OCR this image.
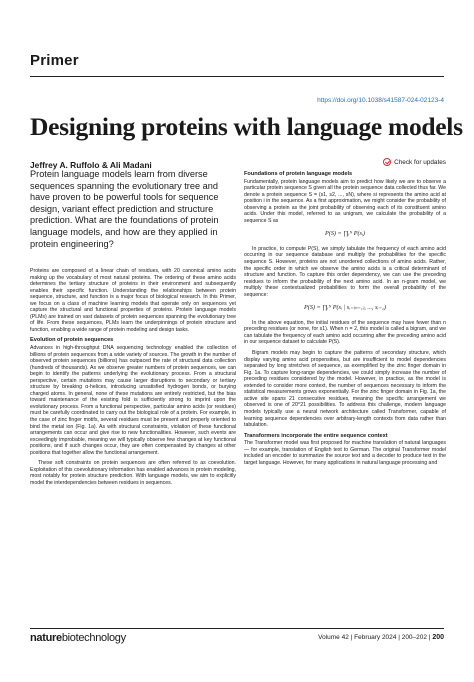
Primer
https://doi.org/10.1038/s41587-024-02123-4
Designing proteins with language models
Jeffrey A. Ruffolo & Ali Madani	Check for updates
Protein language models learn from diverse sequences spanning the evolutionary tree and have proven to be powerful tools for sequence design, variant effect prediction and structure prediction. What are the foundations of protein language models, and how are they applied in protein engineering?

Proteins are composed of a linear chain of residues, with 20 canonical amino acids making up the vocabulary of most natural proteins. The ordering of these amino acids determines the tertiary structure of proteins in their environment and subsequently enables their specific function. Understanding the relationships between protein sequence, structure, and function is a major focus of biological research. In this Primer, we focus on a class of machine learning models that operate only on sequences yet capture the structural and functional properties of proteins. Protein language models (PLMs) are trained on vast datasets of protein sequences spanning the evolutionary tree of life. From these sequences, PLMs learn the underpinnings of protein structure and function, enabling a wide range of protein modeling and design tasks.

Evolution of protein sequences

Advances in high-throughput DNA sequencing technology enabled the collection of billions of protein sequences from a wide variety of sources. The growth in the number of observed protein sequences (billions) has outpaced the rate of structural data collection (hundreds of thousands). As we observe greater numbers of protein sequences, we can begin to identify the patterns underlying the evolutionary process. From a structural perspective, certain mutations may cause larger disruptions to secondary or tertiary structure by breaking α-helices, introducing unsatisfied hydrogen bonds, or burying charged atoms. In general, none of these mutations are entirely restricted, but the bias toward maintenance of the existing fold is sufficiently strong to imprint upon the evolutionary process. From a functional perspective, particular amino acids (or residues) must be carefully coordinated to carry out the biological role of a protein. For example, in the case of zinc finger motifs, several residues must be present and properly oriented to bind the metal ion (Fig. 1a). As with structural constraints, violation of these functional arrangements can occur and give rise to new functionalities. However, such events are exceedingly improbable, meaning we will typically observe few changes at key functional positions, and if such changes occur, they are often compensated by changes at other positions that together allow the functional arrangement.

These soft constraints on protein sequences are often referred to as coevolution. Exploitation of this coevolutionary information has enabled advances in protein modeling, most notably for protein structure prediction. With language models, we aim to explicitly model the interdependencies between residues in sequences.

Foundations of protein language models

Fundamentally, protein language models aim to predict how likely we are to observe a particular protein sequence S given all the protein sequence data collected thus far. We denote a protein sequence S = (s1, s2, ..., sN), where si represents the amino acid at position i in the sequence. As a first approximation, we might consider the probability of observing a protein as the joint probability of observing each of its constituent amino acids. Under this model, referred to as unigram, we calculate the probability of a sequence S as

P(S) = ∏ᵢᴺ P(sᵢ)

In practice, to compute P(S), we simply tabulate the frequency of each amino acid occurring in our sequence database and multiply the probabilities for the specific sequence S. However, proteins are not unordered collections of amino acids. Rather, the specific order in which we observe the amino acids is a critical determinant of structure and function. To capture this order dependency, we can use the preceding residues to inform the probability of the next amino acid. In an n-gram model, we multiply these contextualized probabilities to form the overall probability of the sequence:

P(S) = ∏ᵢᴺ P(sᵢ | sᵢ₋₍ₙ₋₁₎, ..., sᵢ₋₁)

In the above equation, the initial residues of the sequence may have fewer than n preceding residues (or none, for s1). When n = 2, this model is called a bigram, and we can tabulate the frequency of each amino acid occurring after the preceding amino acid in our sequence dataset to calculate P(S).

Bigram models may begin to capture the patterns of secondary structure, which display varying amino acid propensities, but are insufficient to model dependencies separated by long stretches of sequence, as exemplified by the zinc finger domain in Fig. 1a. To capture long-range dependencies, we could simply increase the number of preceding residues considered by the model. However, in practice, as the model is extended to consider more context, the number of sequences necessary to inform the statistical measurements grows exponentially. For the zinc finger domain in Fig. 1a, the active site spans 21 consecutive residues, meaning the specific arrangement we observed is one of 20^21 possibilities. To address this challenge, modern language models typically use a neural network architecture called Transformer, capable of learning sequence dependencies over arbitrary-length contexts from data rather than tabulation.

Transformers incorporate the entire sequence context

The Transformer model was first proposed for machine translation of natural languages — for example, translation of English text to German. The original Transformer model included an encoder to summarize the source text and a decoder to produce text in the target language. However, for many applications in natural language processing and

naturebiotechnology	Volume 42 | February 2024 | 200–202 | 200
